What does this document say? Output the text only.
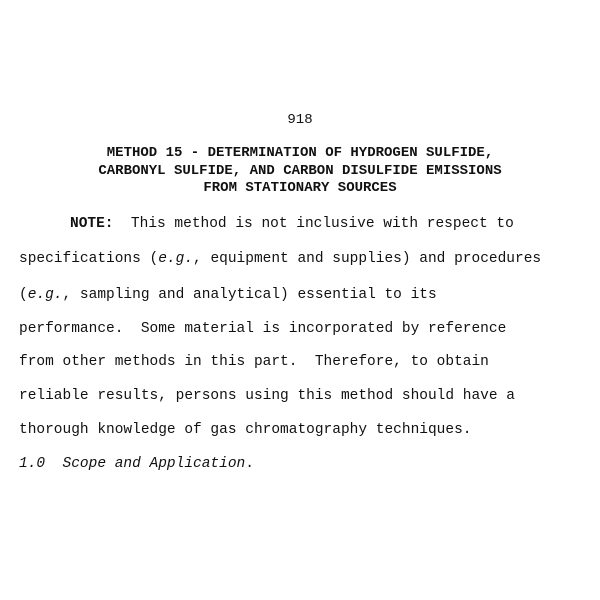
918
METHOD 15 - DETERMINATION OF HYDROGEN SULFIDE,
CARBONYL SULFIDE, AND CARBON DISULFIDE EMISSIONS
FROM STATIONARY SOURCES
NOTE:  This method is not inclusive with respect to
specifications (e.g., equipment and supplies) and procedures
(e.g., sampling and analytical) essential to its
performance.  Some material is incorporated by reference
from other methods in this part.  Therefore, to obtain
reliable results, persons using this method should have a
thorough knowledge of gas chromatography techniques.
1.0  Scope and Application.
